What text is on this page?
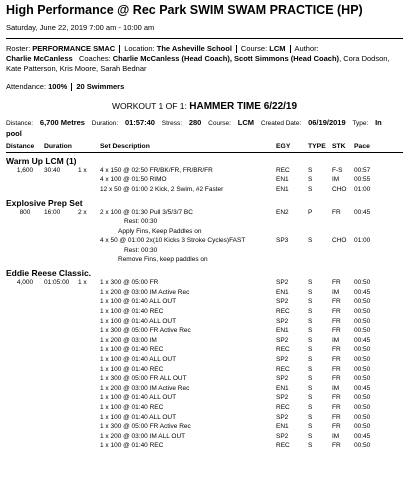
High Performance @ Rec Park SWIM SWAM PRACTICE (HP)
Saturday, June 22, 2019 7:00 am - 10:00 am
Roster: PERFORMANCE SMAC Location: The Asheville School Course: LCM Author:
Charlie McCanless Coaches: Charlie McCanless (Head Coach), Scott Simmons (Head Coach), Cora Dodson, Kate Patterson, Kris Moore, Sarah Bednar
Attendance: 100% 20 Swimmers
WORKOUT 1 OF 1: HAMMER TIME 6/22/19
Distance: 6,700 Metres Duration: 01:57:40 Stress: 280 Course: LCM Created Date: 06/19/2019 Type: In
pool
Distance	Duration	Set Description	EGY	TYPE STK	Pace
Warm Up LCM (1)
1,600	30:40	1 x	4 x 150 @ 02:50 FR/BK/FR, FR/BR/FR	REC	S	F-S	00:57
4 x 100 @ 01:50 RIMO	EN1	S	IM	00:55
12 x 50 @ 01:00 2 Kick, 2 Swim, #2 Faster	EN1	S	CHO	01:00
Explosive Prep Set
800	16:00	2 x	2 x 100 @ 01:30 Pull 3/5/3/7 BC	EN2	P	FR	00:45
Rest: 00:30
Apply Fins, Keep Paddles on
4 x 50 @ 01:00 2x(10 Kicks 3 Stroke Cycles)FAST	SP3	S	CHO	01:00
Rest: 00:30
Remove Fins, keep paddles on
Eddie Reese Classic.
4,000	01:05:00	1 x	1 x 300 @ 05:00 FR	SP2	S	FR	00:50
1 x 200 @ 03:00 IM Active Rec	EN1	S	IM	00:45
1 x 100 @ 01:40 ALL OUT	SP2	S	FR	00:50
1 x 100 @ 01:40 REC	REC	S	FR	00:50
1 x 100 @ 01:40 ALL OUT	SP2	S	FR	00:50
1 x 300 @ 05:00 FR Active Rec	EN1	S	FR	00:50
1 x 200 @ 03:00 IM	SP2	S	IM	00:45
1 x 100 @ 01:40 REC	REC	S	FR	00:50
1 x 100 @ 01:40 ALL OUT	SP2	S	FR	00:50
1 x 100 @ 01:40 REC	REC	S	FR	00:50
1 x 300 @ 05:00 FR ALL OUT	SP2	S	FR	00:50
1 x 200 @ 03:00 IM Active Rec	EN1	S	IM	00:45
1 x 100 @ 01:40 ALL OUT	SP2	S	FR	00:50
1 x 100 @ 01:40 REC	REC	S	FR	00:50
1 x 100 @ 01:40 ALL OUT	SP2	S	FR	00:50
1 x 300 @ 05:00 FR Active Rec	EN1	S	FR	00:50
1 x 200 @ 03:00 IM ALL OUT	SP2	S	IM	00:45
1 x 100 @ 01:40 REC	REC	S	FR	00:50
